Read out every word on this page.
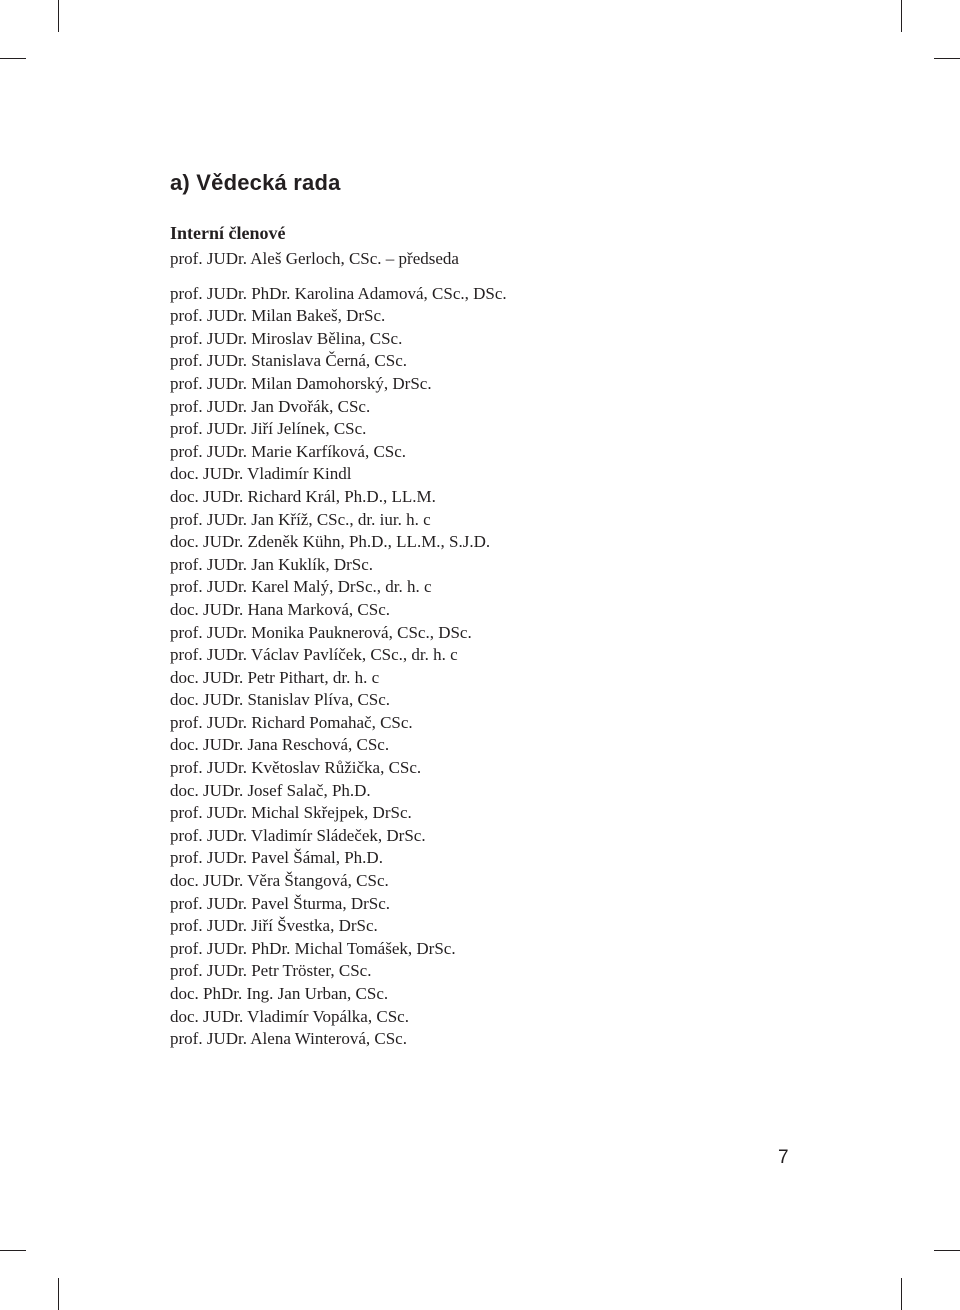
a) Vědecká rada
Interní členové

prof. JUDr. Aleš Gerloch, CSc. – předseda

prof. JUDr. PhDr. Karolina Adamová, CSc., DSc.
prof. JUDr. Milan Bakeš, DrSc.
prof. JUDr. Miroslav Bělina, CSc.
prof. JUDr. Stanislava Černá, CSc.
prof. JUDr. Milan Damohorský, DrSc.
prof. JUDr. Jan Dvořák, CSc.
prof. JUDr. Jiří Jelínek, CSc.
prof. JUDr. Marie Karfíková, CSc.
doc. JUDr. Vladimír Kindl
doc. JUDr. Richard Král, Ph.D., LL.M.
prof. JUDr. Jan Kříž, CSc., dr. iur. h. c
doc. JUDr. Zdeněk Kühn, Ph.D., LL.M., S.J.D.
prof. JUDr. Jan Kuklík, DrSc.
prof. JUDr. Karel Malý, DrSc., dr. h. c
doc. JUDr. Hana Marková, CSc.
prof. JUDr. Monika Pauknerová, CSc., DSc.
prof. JUDr. Václav Pavlíček, CSc., dr. h. c
doc. JUDr. Petr Pithart, dr. h. c
doc. JUDr. Stanislav Plíva, CSc.
prof. JUDr. Richard Pomahač, CSc.
doc. JUDr. Jana Reschová, CSc.
prof. JUDr. Květoslav Růžička, CSc.
doc. JUDr. Josef Salač, Ph.D.
prof. JUDr. Michal Skřejpek, DrSc.
prof. JUDr. Vladimír Sládeček, DrSc.
prof. JUDr. Pavel Šámal, Ph.D.
doc. JUDr. Věra Štangová, CSc.
prof. JUDr. Pavel Šturma, DrSc.
prof. JUDr. Jiří Švestka, DrSc.
prof. JUDr. PhDr. Michal Tomášek, DrSc.
prof. JUDr. Petr Tröster, CSc.
doc. PhDr. Ing. Jan Urban, CSc.
doc. JUDr. Vladimír Vopálka, CSc.
prof. JUDr. Alena Winterová, CSc.
7
